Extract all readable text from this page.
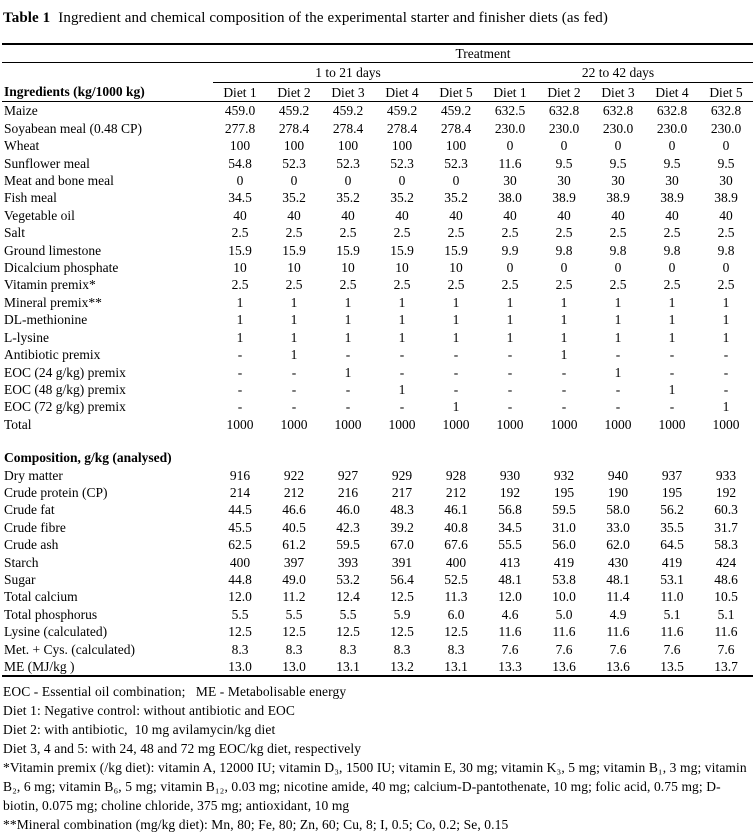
Table 1 Ingredient and chemical composition of the experimental starter and finisher diets (as fed)
	Treatment									
	1 to 21 days					22 to 42 days				
Ingredients (kg/1000 kg)	Diet 1	Diet 2	Diet 3	Diet 4	Diet 5	Diet 1	Diet 2	Diet 3	Diet 4	Diet 5
Maize	459.0	459.2	459.2	459.2	459.2	632.5	632.8	632.8	632.8	632.8
Soyabean meal (0.48 CP)	277.8	278.4	278.4	278.4	278.4	230.0	230.0	230.0	230.0	230.0
Wheat	100	100	100	100	100	0	0	0	0	0
Sunflower meal	54.8	52.3	52.3	52.3	52.3	11.6	9.5	9.5	9.5	9.5
Meat and bone meal	0	0	0	0	0	30	30	30	30	30
Fish meal	34.5	35.2	35.2	35.2	35.2	38.0	38.9	38.9	38.9	38.9
Vegetable oil	40	40	40	40	40	40	40	40	40	40
Salt	2.5	2.5	2.5	2.5	2.5	2.5	2.5	2.5	2.5	2.5
Ground limestone	15.9	15.9	15.9	15.9	15.9	9.9	9.8	9.8	9.8	9.8
Dicalcium phosphate	10	10	10	10	10	0	0	0	0	0
Vitamin premix*	2.5	2.5	2.5	2.5	2.5	2.5	2.5	2.5	2.5	2.5
Mineral premix**	1	1	1	1	1	1	1	1	1	1
DL-methionine	1	1	1	1	1	1	1	1	1	1
L-lysine	1	1	1	1	1	1	1	1	1	1
Antibiotic premix	-	1	-	-	-	-	1	-	-	-
EOC (24 g/kg) premix	-	-	1	-	-	-	-	1	-	-
EOC (48 g/kg) premix	-	-	-	1	-	-	-	-	1	-
EOC (72 g/kg) premix	-	-	-	-	1	-	-	-	-	1
Total	1000	1000	1000	1000	1000	1000	1000	1000	1000	1000

Composition, g/kg (analysed)										
Dry matter	916	922	927	929	928	930	932	940	937	933
Crude protein (CP)	214	212	216	217	212	192	195	190	195	192
Crude fat	44.5	46.6	46.0	48.3	46.1	56.8	59.5	58.0	56.2	60.3
Crude fibre	45.5	40.5	42.3	39.2	40.8	34.5	31.0	33.0	35.5	31.7
Crude ash	62.5	61.2	59.5	67.0	67.6	55.5	56.0	62.0	64.5	58.3
Starch	400	397	393	391	400	413	419	430	419	424
Sugar	44.8	49.0	53.2	56.4	52.5	48.1	53.8	48.1	53.1	48.6
Total calcium	12.0	11.2	12.4	12.5	11.3	12.0	10.0	11.4	11.0	10.5
Total phosphorus	5.5	5.5	5.5	5.9	6.0	4.6	5.0	4.9	5.1	5.1
Lysine (calculated)	12.5	12.5	12.5	12.5	12.5	11.6	11.6	11.6	11.6	11.6
Met. + Cys. (calculated)	8.3	8.3	8.3	8.3	8.3	7.6	7.6	7.6	7.6	7.6
ME (MJ/kg )	13.0	13.0	13.1	13.2	13.1	13.3	13.6	13.6	13.5	13.7
EOC - Essential oil combination;   ME - Metabolisable energy
Diet 1: Negative control: without antibiotic and EOC
Diet 2: with antibiotic,  10 mg avilamycin/kg diet
Diet 3, 4 and 5: with 24, 48 and 72 mg EOC/kg diet, respectively
*Vitamin premix (/kg diet): vitamin A, 12000 IU; vitamin D₃, 1500 IU; vitamin E, 30 mg; vitamin K₃, 5 mg; vitamin B₁, 3 mg; vitamin B₂, 6 mg; vitamin B₆, 5 mg; vitamin B₁₂, 0.03 mg; nicotine amide, 40 mg; calcium-D-pantothenate, 10 mg; folic acid, 0.75 mg; D-biotin, 0.075 mg; choline chloride, 375 mg; antioxidant, 10 mg
**Mineral combination (mg/kg diet): Mn, 80; Fe, 80; Zn, 60; Cu, 8; I, 0.5; Co, 0.2; Se, 0.15
